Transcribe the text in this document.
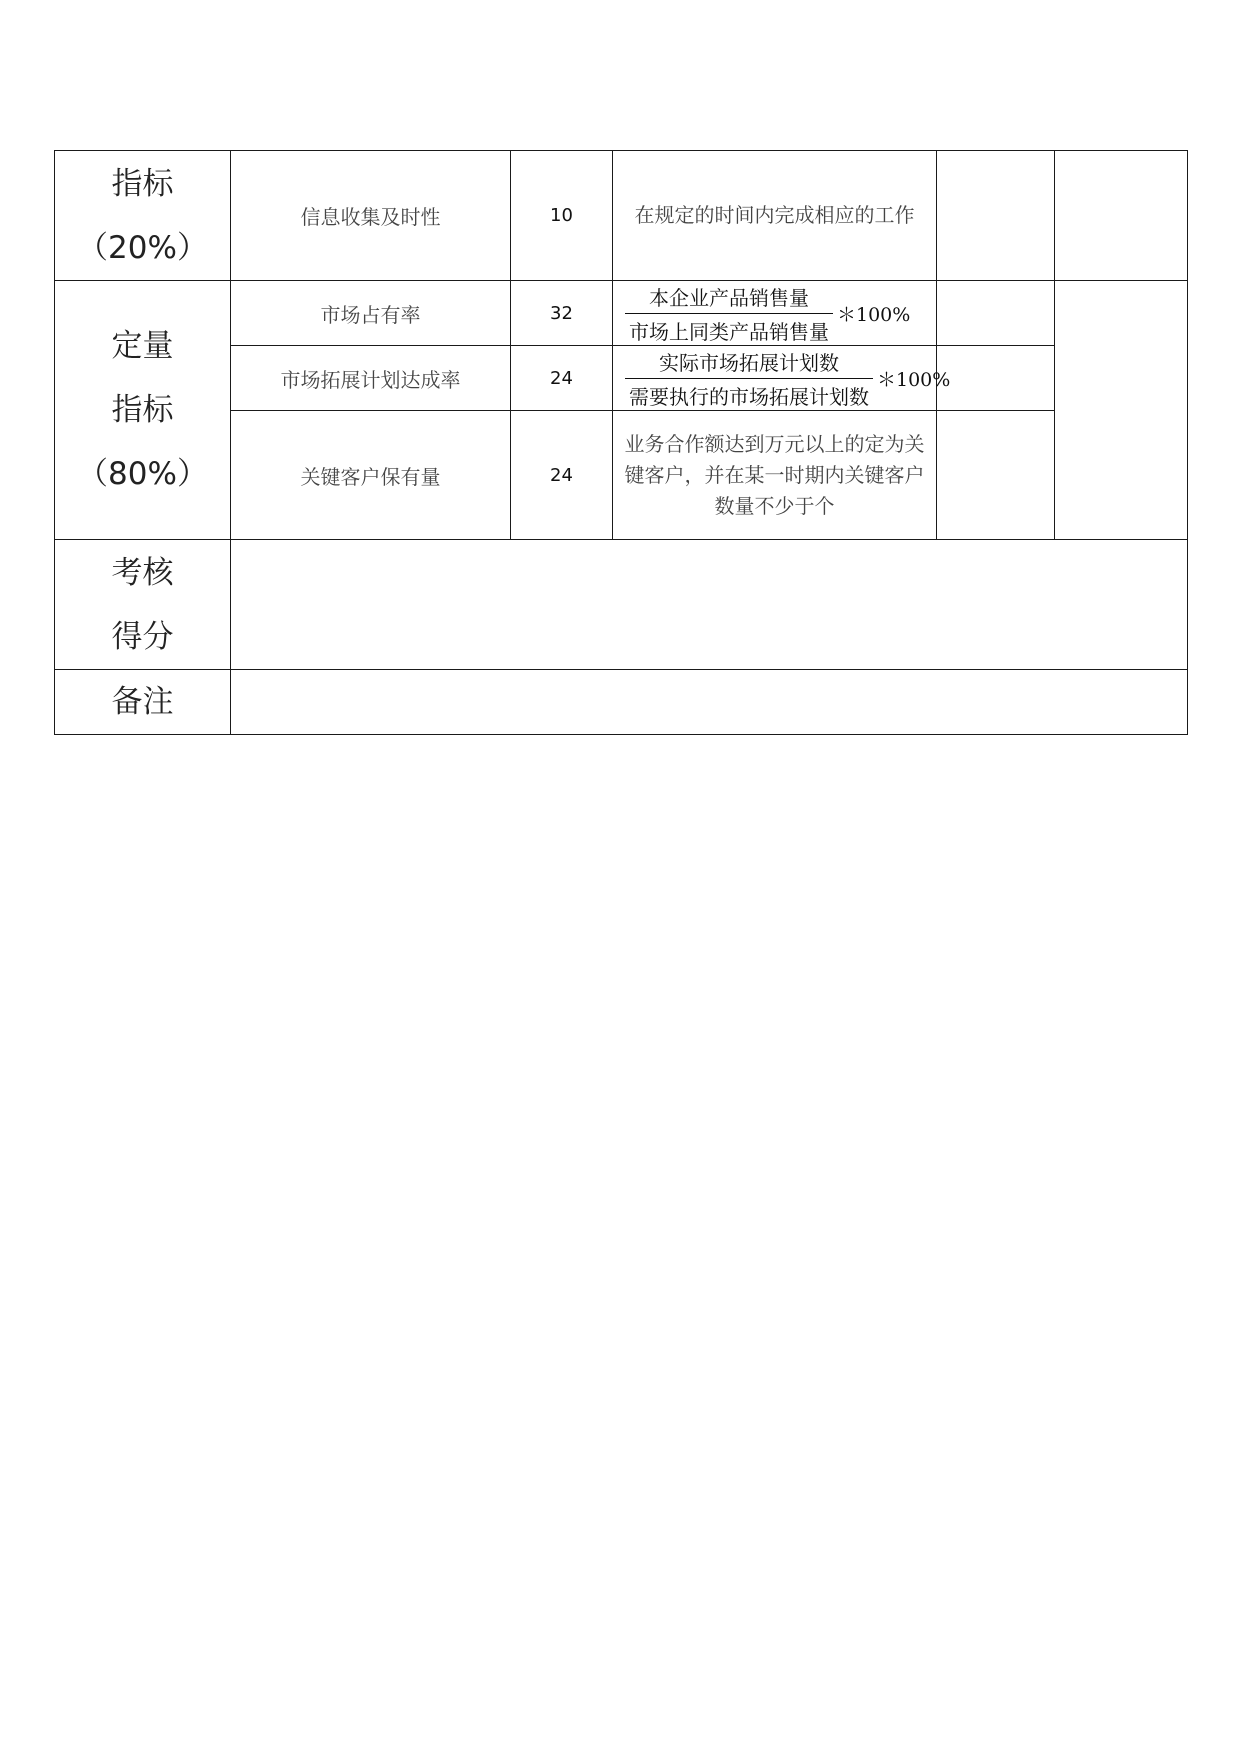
指标
（20%）	信息收集及时性	10	在规定的时间内完成相应的工作		

定量
指标
（80%）	市场占有率	32	$\frac{\text{本企业产品销售量}}{\text{市场上同类产品销售量}}$ ＊100%		

	市场拓展计划达成率	24	$\frac{\text{实际市场拓展计划数}}{\text{需要执行的市场拓展计划数}}$ ＊100%		

	关键客户保有量	24	业务合作额达到万元以上的定为关键客户，并在某一时期内关键客户数量不少于个		

考核
得分					

备注					
